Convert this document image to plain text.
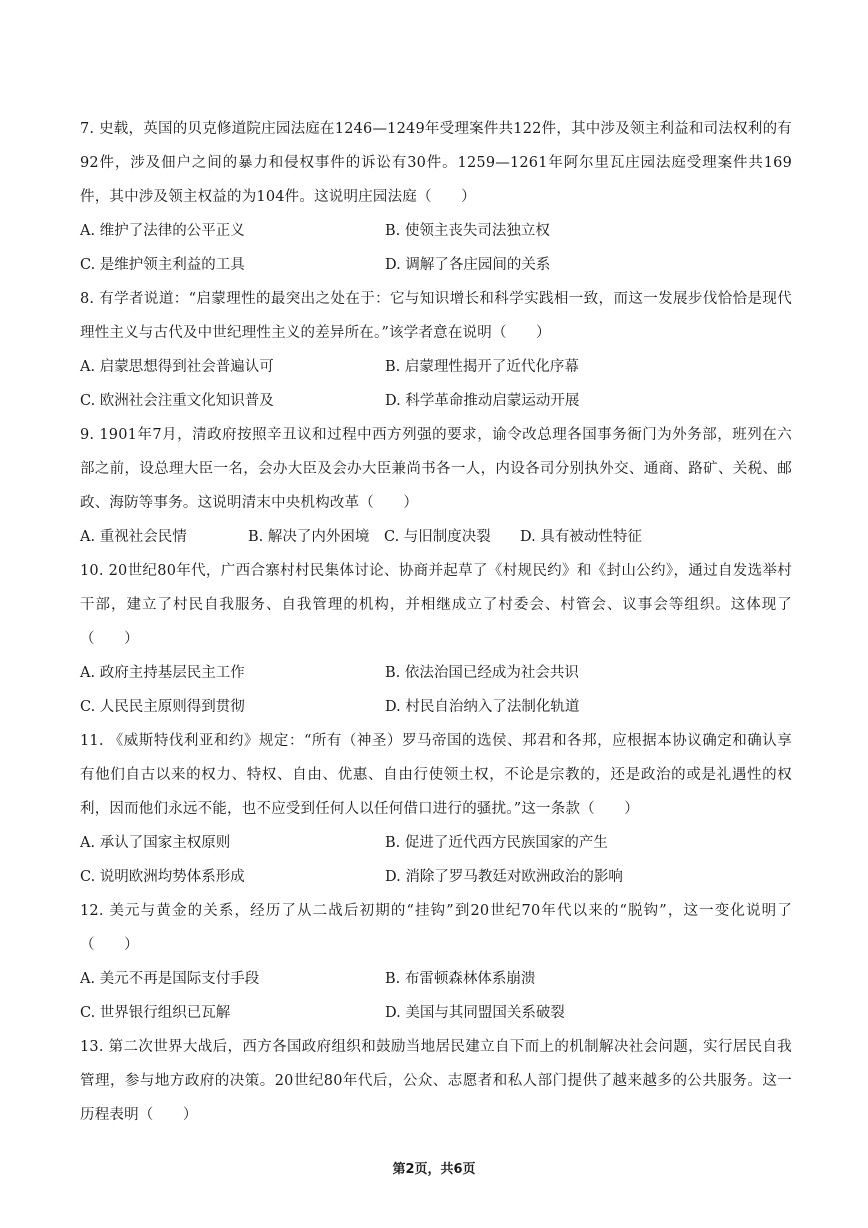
7. 史载，英国的贝克修道院庄园法庭在1246—1249年受理案件共122件，其中涉及领主利益和司法权利的有92件，涉及佃户之间的暴力和侵权事件的诉讼有30件。1259—1261年阿尔里瓦庄园法庭受理案件共169件，其中涉及领主权益的为104件。这说明庄园法庭（　　）

A. 维护了法律的公平正义	B. 使领主丧失司法独立权
C. 是维护领主利益的工具	D. 调解了各庄园间的关系

8. 有学者说道：“启蒙理性的最突出之处在于：它与知识增长和科学实践相一致，而这一发展步伐恰恰是现代理性主义与古代及中世纪理性主义的差异所在。”该学者意在说明（　　）

A. 启蒙思想得到社会普遍认可	B. 启蒙理性揭开了近代化序幕
C. 欧洲社会注重文化知识普及	D. 科学革命推动启蒙运动开展

9. 1901年7月，清政府按照辛丑议和过程中西方列强的要求，谕令改总理各国事务衙门为外务部，班列在六部之前，设总理大臣一名，会办大臣及会办大臣兼尚书各一人，内设各司分别执外交、通商、路矿、关税、邮政、海防等事务。这说明清末中央机构改革（　　）

A. 重视社会民情	B. 解决了内外困境	C. 与旧制度决裂	D. 具有被动性特征

10. 20世纪80年代，广西合寨村村民集体讨论、协商并起草了《村规民约》和《封山公约》，通过自发选举村干部，建立了村民自我服务、自我管理的机构，并相继成立了村委会、村管会、议事会等组织。这体现了（　　）

A. 政府主持基层民主工作	B. 依法治国已经成为社会共识
C. 人民民主原则得到贯彻	D. 村民自治纳入了法制化轨道

11. 《威斯特伐利亚和约》规定：“所有（神圣）罗马帝国的选侯、邦君和各邦，应根据本协议确定和确认享有他们自古以来的权力、特权、自由、优惠、自由行使领土权，不论是宗教的，还是政治的或是礼遇性的权利，因而他们永远不能，也不应受到任何人以任何借口进行的骚扰。”这一条款（　　）

A. 承认了国家主权原则	B. 促进了近代西方民族国家的产生
C. 说明欧洲均势体系形成	D. 消除了罗马教廷对欧洲政治的影响

12. 美元与黄金的关系，经历了从二战后初期的“挂钩”到20世纪70年代以来的“脱钩”，这一变化说明了（　　）

A. 美元不再是国际支付手段	B. 布雷顿森林体系崩溃
C. 世界银行组织已瓦解	D. 美国与其同盟国关系破裂

13. 第二次世界大战后，西方各国政府组织和鼓励当地居民建立自下而上的机制解决社会问题，实行居民自我管理，参与地方政府的决策。20世纪80年代后，公众、志愿者和私人部门提供了越来越多的公共服务。这一历程表明（　　）

第2页，共6页
